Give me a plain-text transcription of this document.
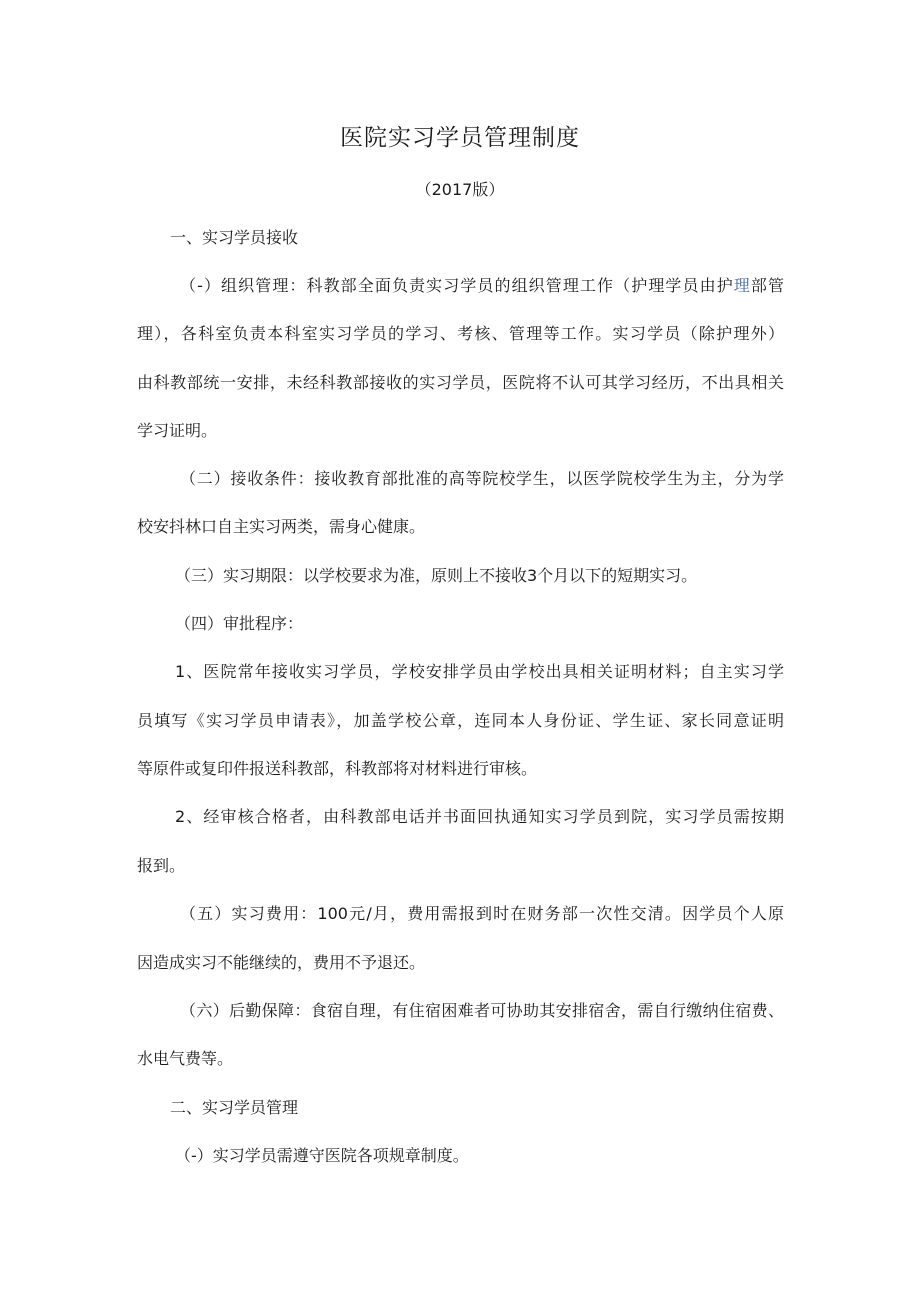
医院实习学员管理制度
（2017版）
一、实习学员接收
（-）组织管理：科教部全面负责实习学员的组织管理工作（护理学员由护理部管
理），各科室负责本科室实习学员的学习、考核、管理等工作。实习学员（除护理外）
由科教部统一安排，未经科教部接收的实习学员，医院将不认可其学习经历，不出具相关
学习证明。
（二）接收条件：接收教育部批准的高等院校学生，以医学院校学生为主，分为学
校安抖林口自主实习两类，需身心健康。
（三）实习期限：以学校要求为准，原则上不接收3个月以下的短期实习。
（四）审批程序：
1、医院常年接收实习学员，学校安排学员由学校出具相关证明材料；自主实习学
员填写《实习学员申请表》，加盖学校公章，连同本人身份证、学生证、家长同意证明
等原件或复印件报送科教部，科教部将对材料进行审核。
2、经审核合格者，由科教部电话并书面回执通知实习学员到院，实习学员需按期
报到。
（五）实习费用：100元/月，费用需报到时在财务部一次性交清。因学员个人原
因造成实习不能继续的，费用不予退还。
（六）后勤保障：食宿自理，有住宿困难者可协助其安排宿舍，需自行缴纳住宿费、
水电气费等。
二、实习学员管理
（-）实习学员需遵守医院各项规章制度。
